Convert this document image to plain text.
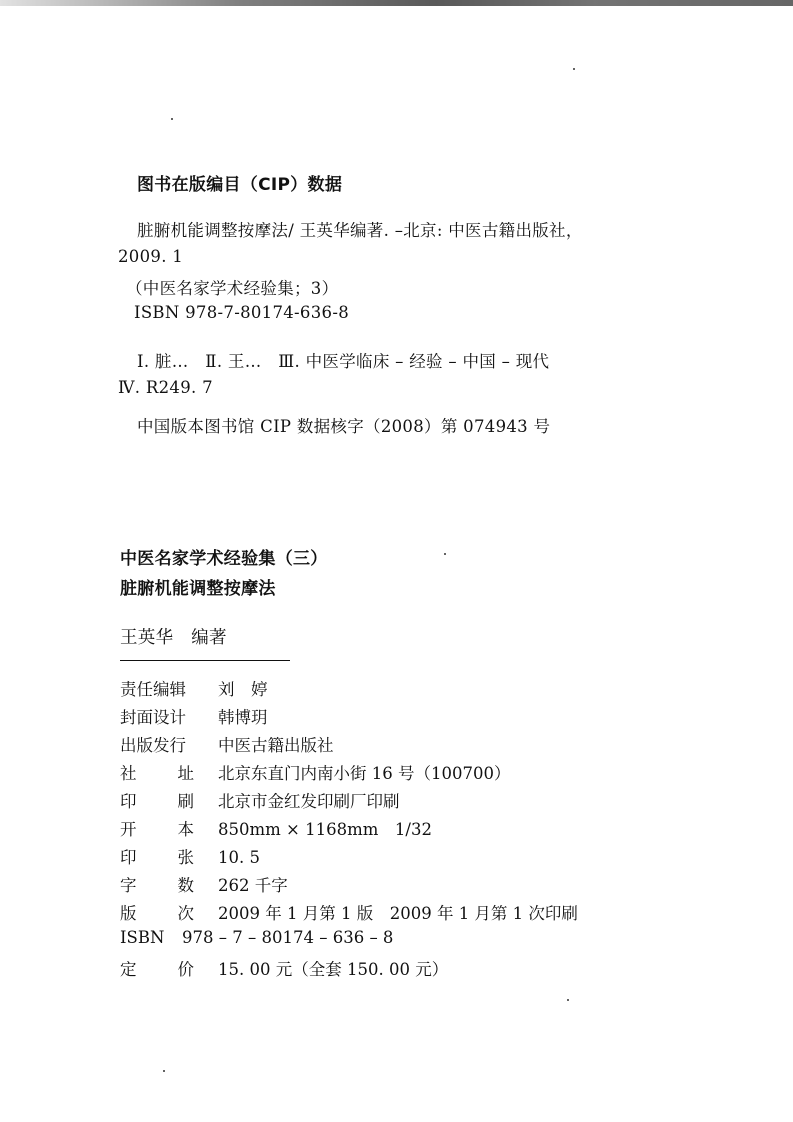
图书在版编目（CIP）数据
脏腑机能调整按摩法/ 王英华编著. –北京: 中医古籍出版社，
2009. 1
（中医名家学术经验集；3）
ISBN 978-7-80174-636-8
Ⅰ. 脏…　Ⅱ. 王…　Ⅲ. 中医学临床 – 经验 – 中国 – 现代
Ⅳ. R249. 7
中国版本图书馆 CIP 数据核字（2008）第 074943 号
中医名家学术经验集（三）
脏腑机能调整按摩法
王英华　编著
责任编辑 刘　婷
封面设计 韩博玥
出版发行 中医古籍出版社
社 址 北京东直门内南小街 16 号（100700）
印 刷 北京市金红发印刷厂印刷
开 本 850mm × 1168mm　1/32
印 张 10. 5
字 数 262 千字
版 次 2009 年 1 月第 1 版　2009 年 1 月第 1 次印刷
ISBN 978 – 7 – 80174 – 636 – 8
定 价 15. 00 元（全套 150. 00 元）
